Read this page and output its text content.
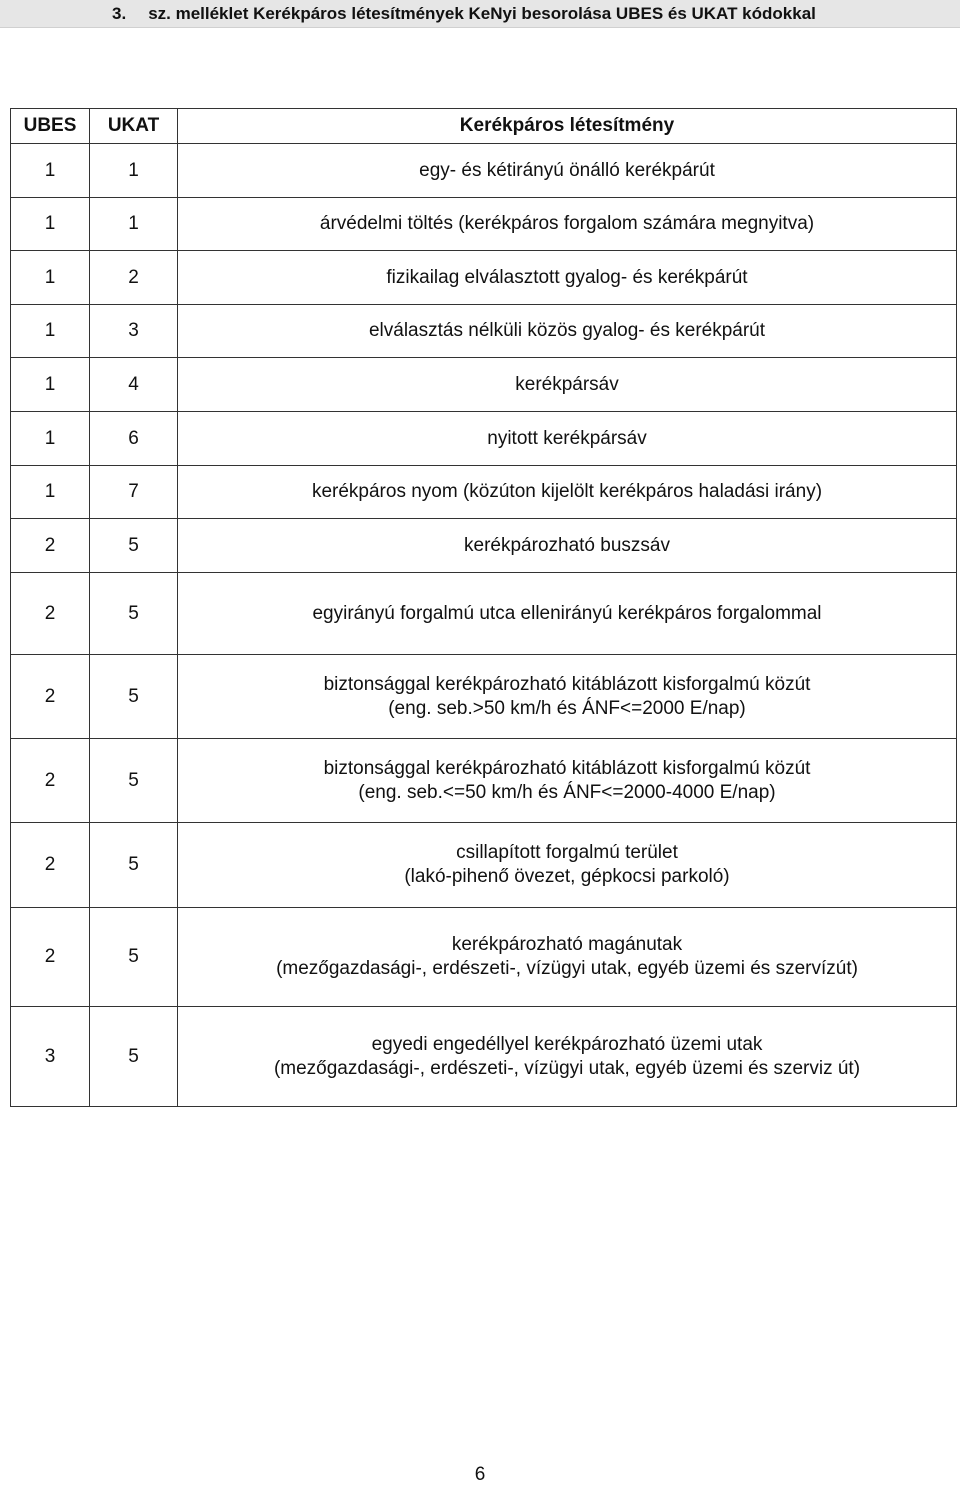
3. sz. melléklet Kerékpáros létesítmények KeNyi besorolása UBES és UKAT kódokkal
UBES	UKAT	Kerékpáros létesítmény
1	1	egy- és kétirányú önálló kerékpárút

1	1	árvédelmi töltés (kerékpáros forgalom számára megnyitva)

1	2	fizikailag elválasztott gyalog- és kerékpárút

1	3	elválasztás nélküli közös gyalog- és kerékpárút

1	4	kerékpársáv

1	6	nyitott kerékpársáv

1	7	kerékpáros nyom (közúton kijelölt kerékpáros haladási irány)

2	5	kerékpározható buszsáv

2	5	egyirányú forgalmú utca ellenirányú kerékpáros forgalommal

2	5	biztonsággal kerékpározható kitáblázott kisforgalmú közút
(eng. seb.>50 km/h és ÁNF<=2000 E/nap)

2	5	biztonsággal kerékpározható kitáblázott kisforgalmú közút
(eng. seb.<=50 km/h és ÁNF<=2000-4000 E/nap)

2	5	csillapított forgalmú terület
(lakó-pihenő övezet, gépkocsi parkoló)

2	5	kerékpározható magánutak
(mezőgazdasági-, erdészeti-, vízügyi utak, egyéb üzemi és szervízút)

3	5	egyedi engedéllyel kerékpározható üzemi utak
(mezőgazdasági-, erdészeti-, vízügyi utak, egyéb üzemi és szerviz út)
6
